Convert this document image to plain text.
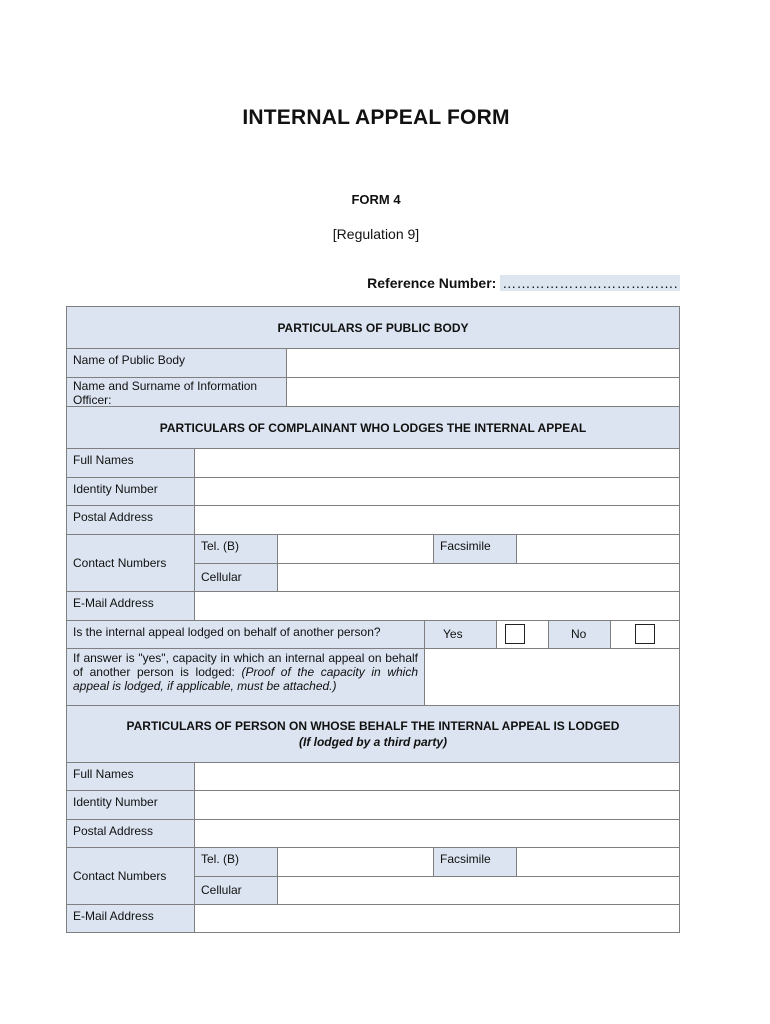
INTERNAL APPEAL FORM
FORM 4
[Regulation 9]
Reference Number: ……………………………….
PARTICULARS OF PUBLIC BODY
Name of Public Body
Name and Surname of Information Officer:
PARTICULARS OF COMPLAINANT WHO LODGES THE INTERNAL APPEAL
Full Names
Identity Number
Postal Address
Contact Numbers
Tel. (B)	Facsimile
Cellular
E-Mail Address
Is the internal appeal lodged on behalf of another person?	Yes	No
If answer is "yes", capacity in which an internal appeal on behalf of another person is lodged: (Proof of the capacity in which appeal is lodged, if applicable, must be attached.)
PARTICULARS OF PERSON ON WHOSE BEHALF THE INTERNAL APPEAL IS LODGED
(If lodged by a third party)
Full Names
Identity Number
Postal Address
Contact Numbers
Tel. (B)	Facsimile
Cellular
E-Mail Address
